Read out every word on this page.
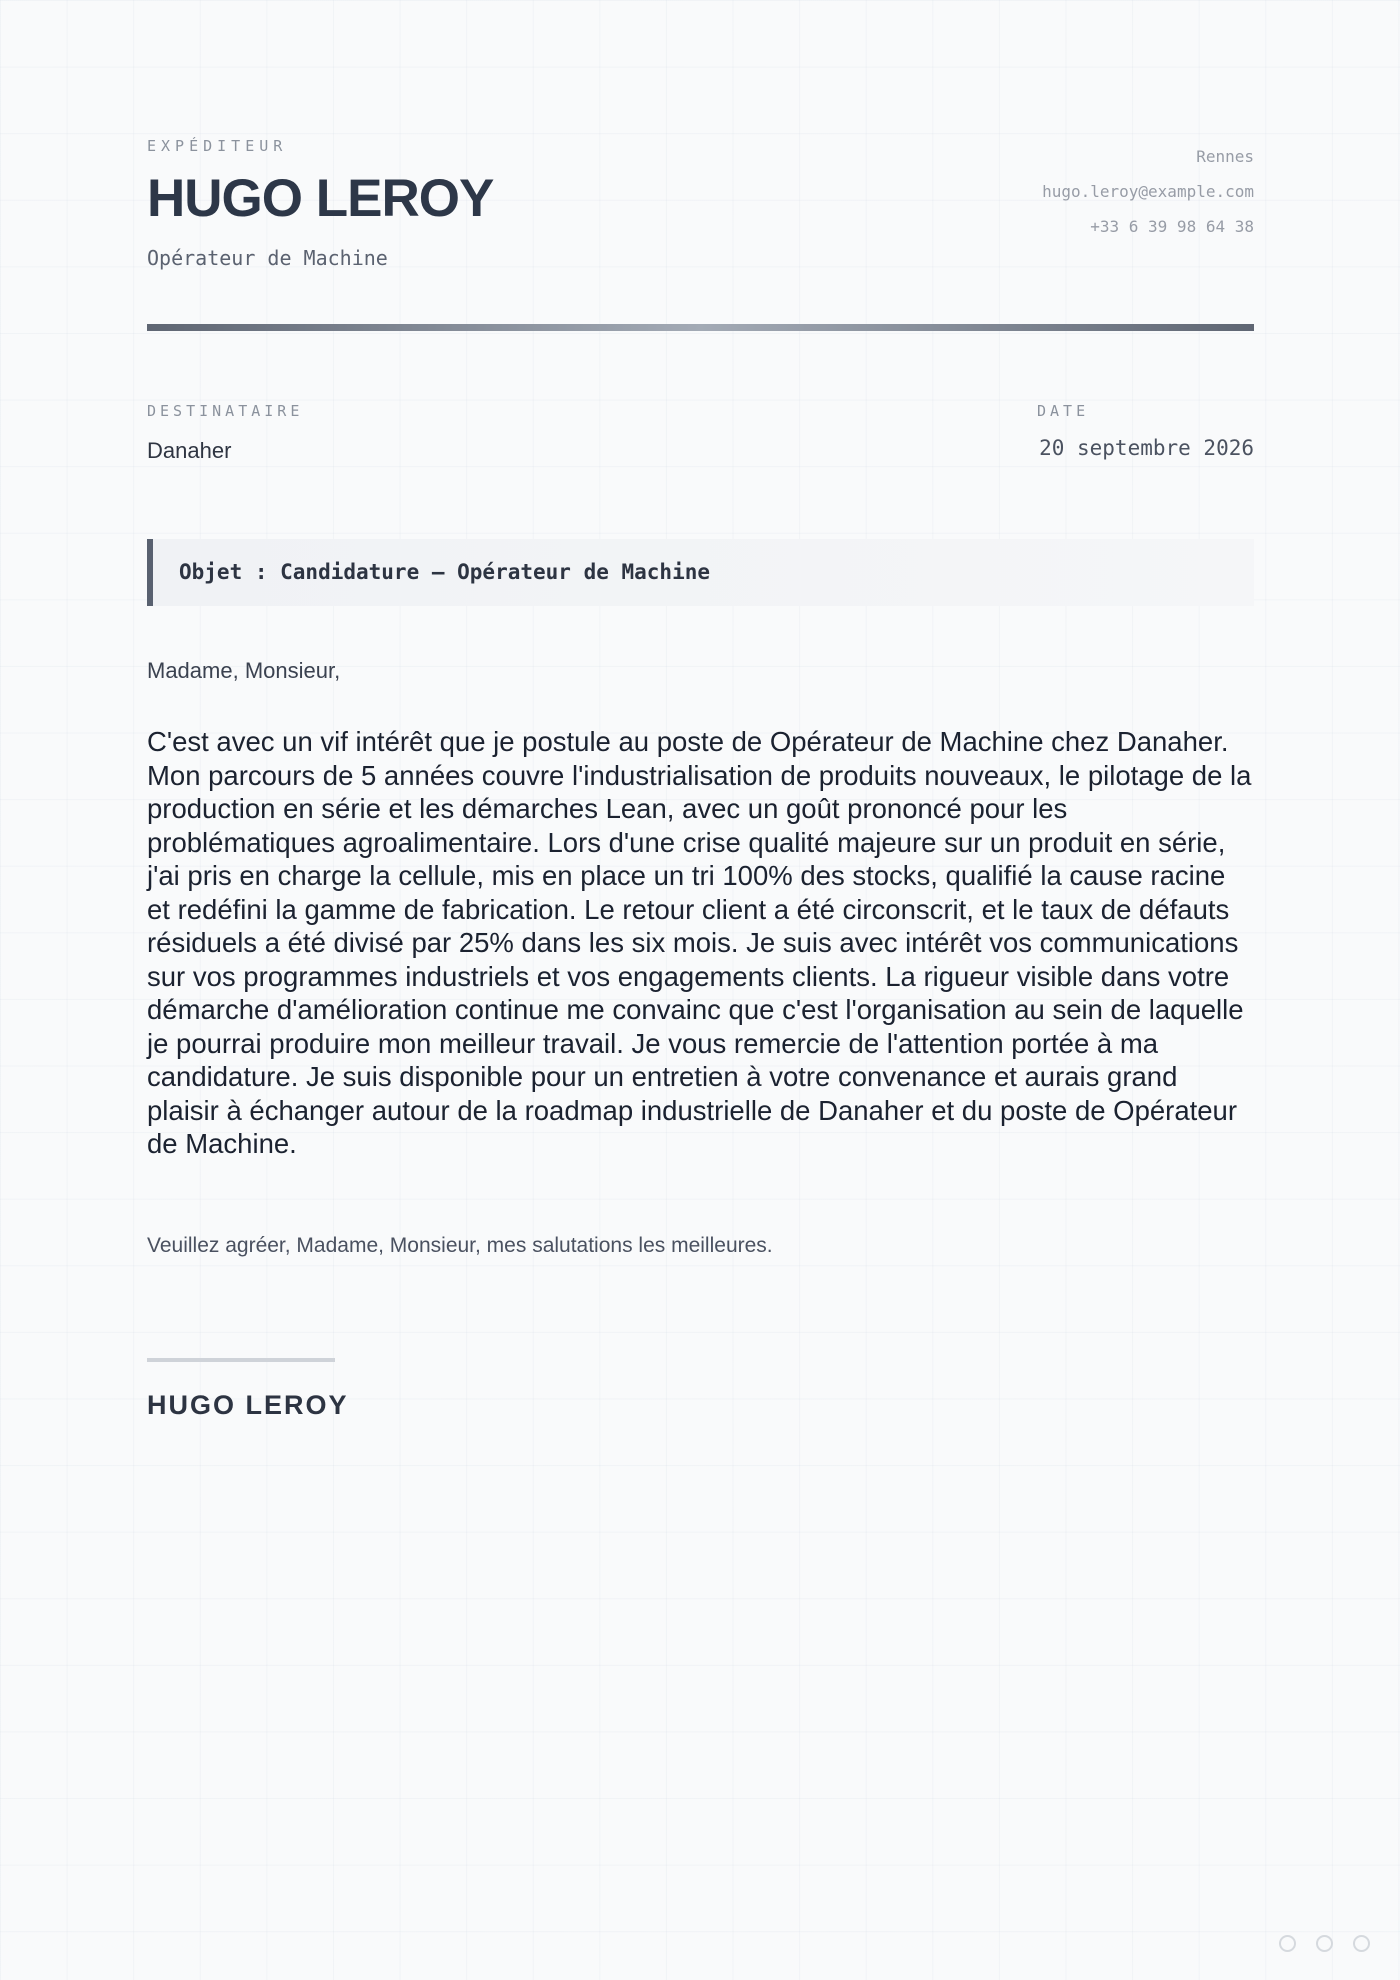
EXPÉDITEUR
HUGO LEROY
Opérateur de Machine
Rennes
hugo.leroy@example.com
+33 6 39 98 64 38
DESTINATAIRE
Danaher
DATE
20 septembre 2026
Objet : Candidature — Opérateur de Machine
Madame, Monsieur,

C'est avec un vif intérêt que je postule au poste de Opérateur de Machine chez Danaher. Mon parcours de 5 années couvre l'industrialisation de produits nouveaux, le pilotage de la production en série et les démarches Lean, avec un goût prononcé pour les problématiques agroalimentaire. Lors d'une crise qualité majeure sur un produit en série, j'ai pris en charge la cellule, mis en place un tri 100% des stocks, qualifié la cause racine et redéfini la gamme de fabrication. Le retour client a été circonscrit, et le taux de défauts résiduels a été divisé par 25% dans les six mois. Je suis avec intérêt vos communications sur vos programmes industriels et vos engagements clients. La rigueur visible dans votre démarche d'amélioration continue me convainc que c'est l'organisation au sein de laquelle je pourrai produire mon meilleur travail. Je vous remercie de l'attention portée à ma candidature. Je suis disponible pour un entretien à votre convenance et aurais grand plaisir à échanger autour de la roadmap industrielle de Danaher et du poste de Opérateur de Machine.

Veuillez agréer, Madame, Monsieur, mes salutations les meilleures.
HUGO LEROY
